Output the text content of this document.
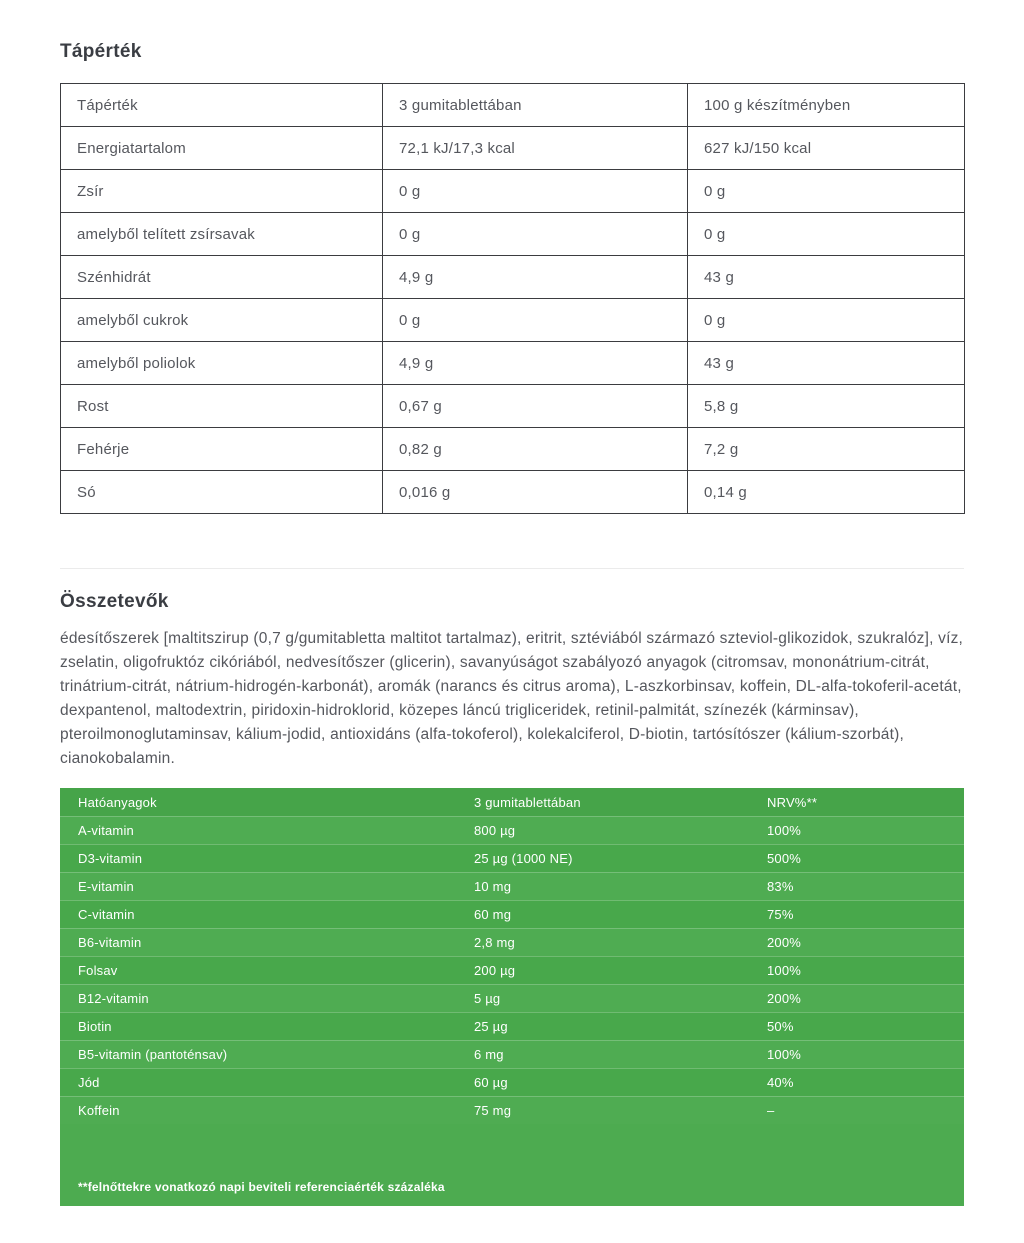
Tápérték
Tápérték	3 gumitablettában	100 g készítményben
Energiatartalom	72,1 kJ/17,3 kcal	627 kJ/150 kcal
Zsír	0 g	0 g
amelyből telített zsírsavak	0 g	0 g
Szénhidrát	4,9 g	43 g
amelyből cukrok	0 g	0 g
amelyből poliolok	4,9 g	43 g
Rost	0,67 g	5,8 g
Fehérje	0,82 g	7,2 g
Só	0,016 g	0,14 g
Összetevők

édesítőszerek [maltitszirup (0,7 g/gumitabletta maltitot tartalmaz), eritrit, sztéviából származó szteviol-glikozidok, szukralóz], víz, zselatin, oligofruktóz cikóriából, nedvesítőszer (glicerin), savanyúságot szabályozó anyagok (citromsav, mononátrium-citrát, trinátrium-citrát, nátrium-hidrogén-karbonát), aromák (narancs és citrus aroma), L-aszkorbinsav, koffein, DL-alfa-tokoferil-acetát, dexpantenol, maltodextrin, piridoxin-hidroklorid, közepes láncú trigliceridek, retinil-palmitát, színezék (kárminsav), pteroilmonoglutaminsav, kálium-jodid, antioxidáns (alfa-tokoferol), kolekalciferol, D-biotin, tartósítószer (kálium-szorbát), cianokobalamin.

Hatóanyagok	3 gumitablettában	NRV%**
A-vitamin	800 µg	100%
D3-vitamin	25 µg (1000 NE)	500%
E-vitamin	10 mg	83%
C-vitamin	60 mg	75%
B6-vitamin	2,8 mg	200%
Folsav	200 µg	100%
B12-vitamin	5 µg	200%
Biotin	25 µg	50%
B5-vitamin (pantoténsav)	6 mg	100%
Jód	60 µg	40%
Koffein	75 mg	–
**felnőttekre vonatkozó napi beviteli referenciaérték százaléka
